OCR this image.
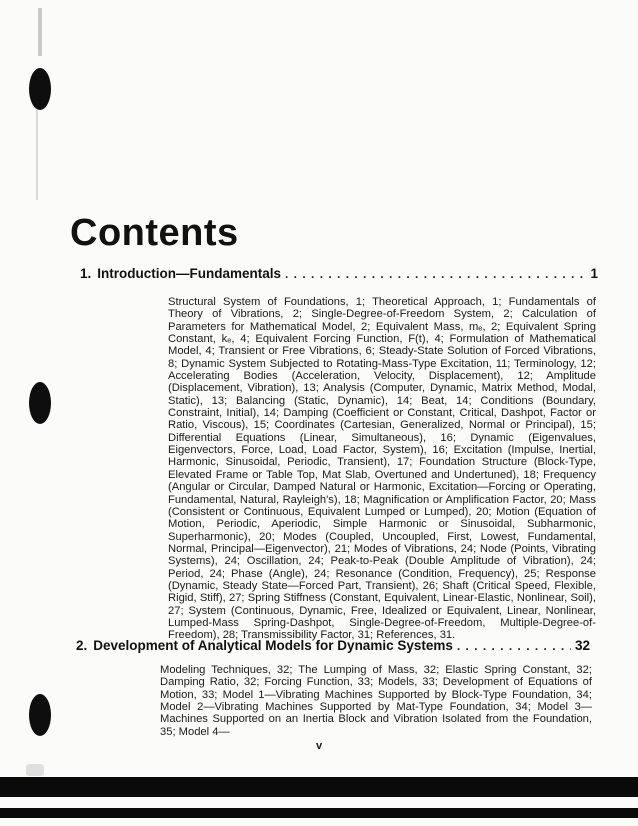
Contents
1. Introduction—Fundamentals . . .	1

Structural System of Foundations, 1; Theoretical Approach, 1; Fundamentals of Theory of Vibrations, 2; Single-Degree-of-Freedom System, 2; Calculation of Parameters for Mathematical Model, 2; Equivalent Mass, mₑ, 2; Equivalent Spring Constant, kₑ, 4; Equivalent Forcing Function, F(t), 4; Formulation of Mathematical Model, 4; Transient or Free Vibrations, 6; Steady-State Solution of Forced Vibrations, 8; Dynamic System Subjected to Rotating-Mass-Type Excitation, 11; Terminology, 12; Accelerating Bodies (Acceleration, Velocity, Displacement), 12; Amplitude (Displacement, Vibration), 13; Analysis (Computer, Dynamic, Matrix Method, Modal, Static), 13; Balancing (Static, Dynamic), 14; Beat, 14; Conditions (Boundary, Constraint, Initial), 14; Damping (Coefficient or Constant, Critical, Dashpot, Factor or Ratio, Viscous), 15; Coordinates (Cartesian, Generalized, Normal or Principal), 15; Differential Equations (Linear, Simultaneous), 16; Dynamic (Eigenvalues, Eigenvectors, Force, Load, Load Factor, System), 16; Excitation (Impulse, Inertial, Harmonic, Sinusoidal, Periodic, Transient), 17; Foundation Structure (Block-Type, Elevated Frame or Table Top, Mat Slab, Overtuned and Undertuned), 18; Frequency (Angular or Circular, Damped Natural or Harmonic, Excitation—Forcing or Operating, Fundamental, Natural, Rayleigh's), 18; Magnification or Amplification Factor, 20; Mass (Consistent or Continuous, Equivalent Lumped or Lumped), 20; Motion (Equation of Motion, Periodic, Aperiodic, Simple Harmonic or Sinusoidal, Subharmonic, Superharmonic), 20; Modes (Coupled, Uncoupled, First, Lowest, Fundamental, Normal, Principal—Eigenvector), 21; Modes of Vibrations, 24; Node (Points, Vibrating Systems), 24; Oscillation, 24; Peak-to-Peak (Double Amplitude of Vibration), 24; Period, 24; Phase (Angle), 24; Resonance (Condition, Frequency), 25; Response (Dynamic, Steady State—Forced Part, Transient), 26; Shaft (Critical Speed, Flexible, Rigid, Stiff), 27; Spring Stiffness (Constant, Equivalent, Linear-Elastic, Nonlinear, Soil), 27; System (Continuous, Dynamic, Free, Idealized or Equivalent, Linear, Nonlinear, Lumped-Mass Spring-Dashpot, Single-Degree-of-Freedom, Multiple-Degree-of-Freedom), 28; Transmissibility Factor, 31; References, 31.

2. Development of Analytical Models for Dynamic Systems . . .	32

Modeling Techniques, 32; The Lumping of Mass, 32; Elastic Spring Constant, 32; Damping Ratio, 32; Forcing Function, 33; Models, 33; Development of Equations of Motion, 33; Model 1—Vibrating Machines Supported by Block-Type Foundation, 34; Model 2—Vibrating Machines Supported by Mat-Type Foundation, 34; Model 3—Machines Supported on an Inertia Block and Vibration Isolated from the Foundation, 35; Model 4—

v
